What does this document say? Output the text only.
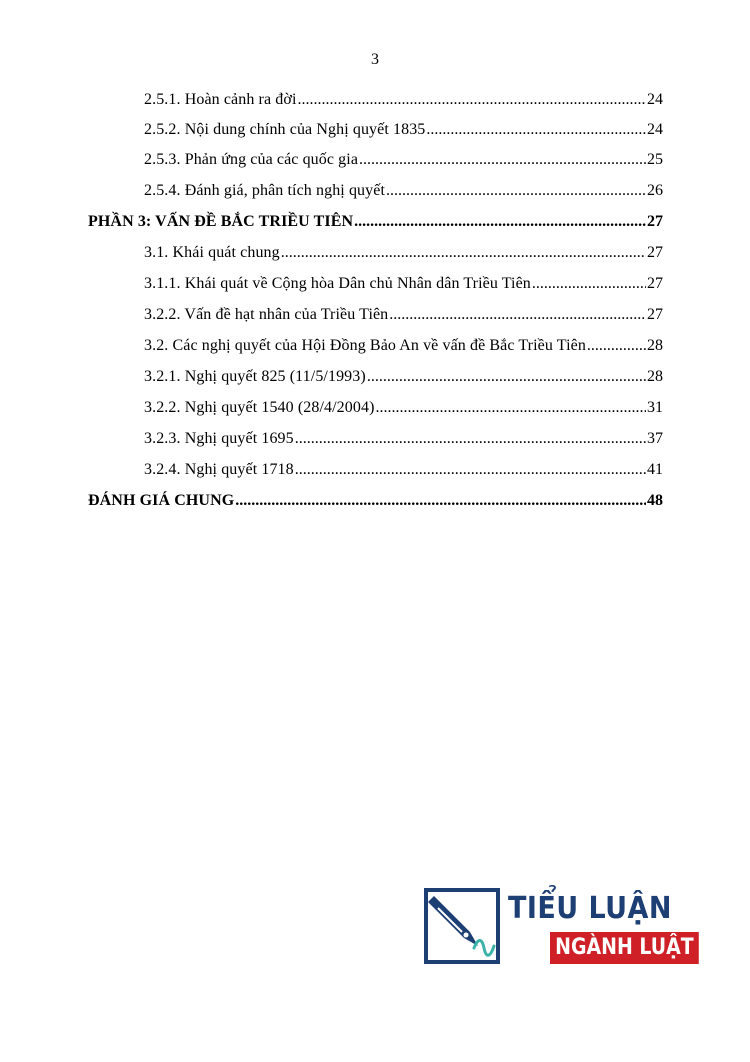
3
2.5.1. Hoàn cảnh ra đời .....	24
2.5.2. Nội dung chính của Nghị quyết 1835 .....	24
2.5.3. Phản ứng của các quốc gia .....	25
2.5.4. Đánh giá, phân tích nghị quyết .....	26
PHẦN 3: VẤN ĐỀ BẮC TRIỀU TIÊN .....	27
3.1. Khái quát chung .....	27
3.1.1. Khái quát về Cộng hòa Dân chủ Nhân dân Triều Tiên .....	27
3.2.2. Vấn đề hạt nhân của Triều Tiên .....	27
3.2. Các nghị quyết của Hội Đồng Bảo An về vấn đề Bắc Triều Tiên .....	28
3.2.1. Nghị quyết 825 (11/5/1993) .....	28
3.2.2. Nghị quyết 1540 (28/4/2004) .....	31
3.2.3. Nghị quyết 1695 .....	37
3.2.4. Nghị quyết 1718 .....	41
ĐÁNH GIÁ CHUNG .....	48
TIỂU LUẬN
NGÀNH LUẬT
